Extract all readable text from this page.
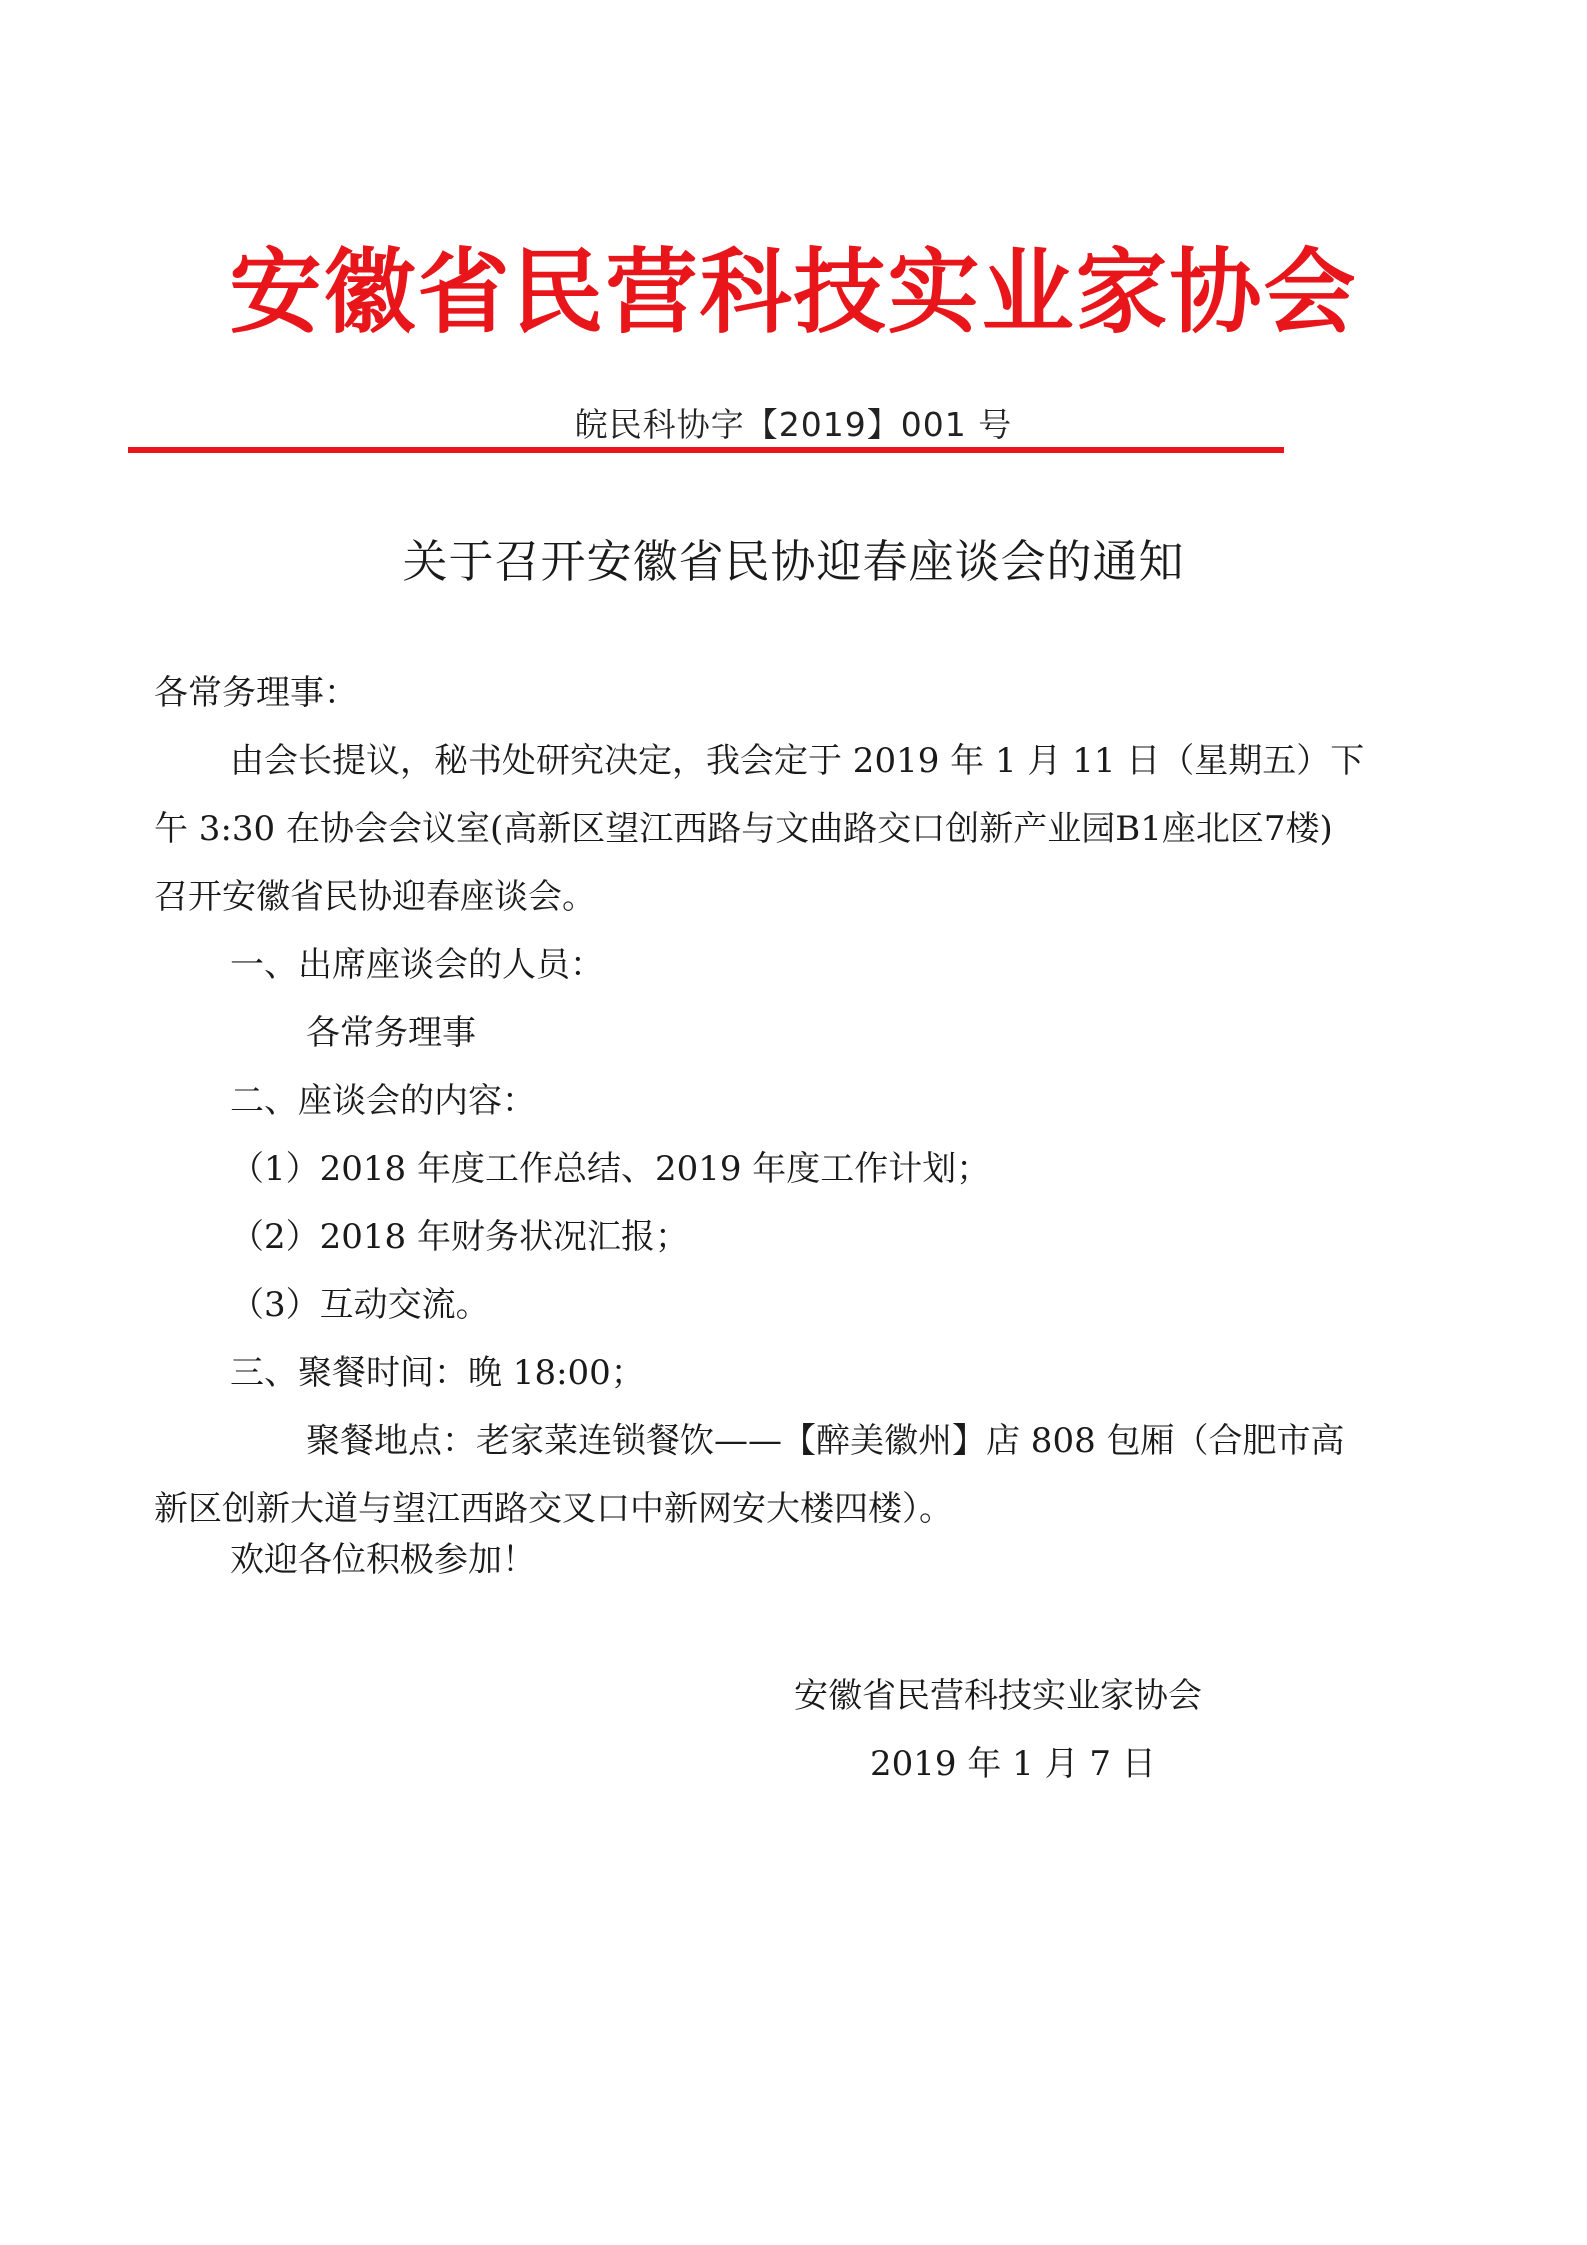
安徽省民营科技实业家协会
皖民科协字【2019】001 号
关于召开安徽省民协迎春座谈会的通知
各常务理事：
由会长提议，秘书处研究决定，我会定于 2019 年 1 月 11 日（星期五）下
午 3:30 在协会会议室(高新区望江西路与文曲路交口创新产业园B1座北区7楼)
召开安徽省民协迎春座谈会。
一、出席座谈会的人员：
各常务理事
二、座谈会的内容：
（1）2018 年度工作总结、2019 年度工作计划；
（2）2018 年财务状况汇报；
（3）互动交流。
三、聚餐时间：晚 18:00；
聚餐地点：老家菜连锁餐饮——【醉美徽州】店 808 包厢（合肥市高
新区创新大道与望江西路交叉口中新网安大楼四楼）。
欢迎各位积极参加！
安徽省民营科技实业家协会
2019 年 1 月 7 日
